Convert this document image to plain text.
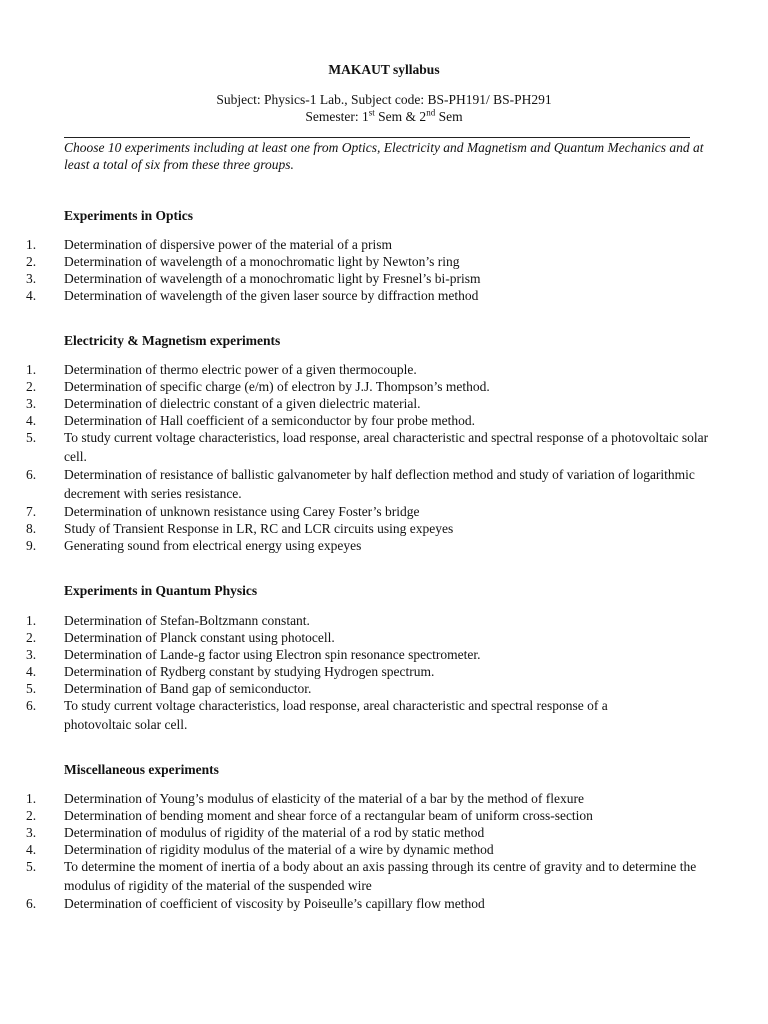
MAKAUT syllabus
Subject: Physics-1 Lab., Subject code: BS-PH191/ BS-PH291
Semester: 1st Sem & 2nd Sem
Choose 10 experiments including at least one from Optics, Electricity and Magnetism and Quantum Mechanics and at least a total of six from these three groups.
Experiments in Optics
1.	Determination of dispersive power of the material of a prism
2.	Determination of wavelength of a monochromatic light by Newton’s ring
3.	Determination of wavelength of a monochromatic light by Fresnel’s bi-prism
4.	Determination of wavelength of the given laser source by diffraction method
Electricity & Magnetism experiments
1.	Determination of thermo electric power of a given thermocouple.
2.	Determination of specific charge (e/m) of electron by J.J. Thompson’s method.
3.	Determination of dielectric constant of a given dielectric material.
4.	Determination of Hall coefficient of a semiconductor by four probe method.
5.	To study current voltage characteristics, load response, areal characteristic and spectral response of a photovoltaic solar cell.
6.	Determination of resistance of ballistic galvanometer by half deflection method and study of variation of logarithmic decrement with series resistance.
7.	Determination of unknown resistance using Carey Foster’s bridge
8.	Study of Transient Response in LR, RC and LCR circuits using expeyes
9.	Generating sound from electrical energy using expeyes
Experiments in Quantum Physics
1.	Determination of Stefan-Boltzmann constant.
2.	Determination of Planck constant using photocell.
3.	Determination of Lande-g factor using Electron spin resonance spectrometer.
4.	Determination of Rydberg constant by studying Hydrogen spectrum.
5.	Determination of Band gap of semiconductor.
6.	To study current voltage characteristics, load response, areal characteristic and spectral response of a photovoltaic solar cell.
Miscellaneous experiments
1.	Determination of Young’s modulus of elasticity of the material of a bar by the method of flexure
2.	Determination of bending moment and shear force of a rectangular beam of uniform cross-section
3.	Determination of modulus of rigidity of the material of a rod by static method
4.	Determination of rigidity modulus of the material of a wire by dynamic method
5.	To determine the moment of inertia of a body about an axis passing through its centre of gravity and to determine the modulus of rigidity of the material of the suspended wire
6.	Determination of coefficient of viscosity by Poiseulle’s capillary flow method
